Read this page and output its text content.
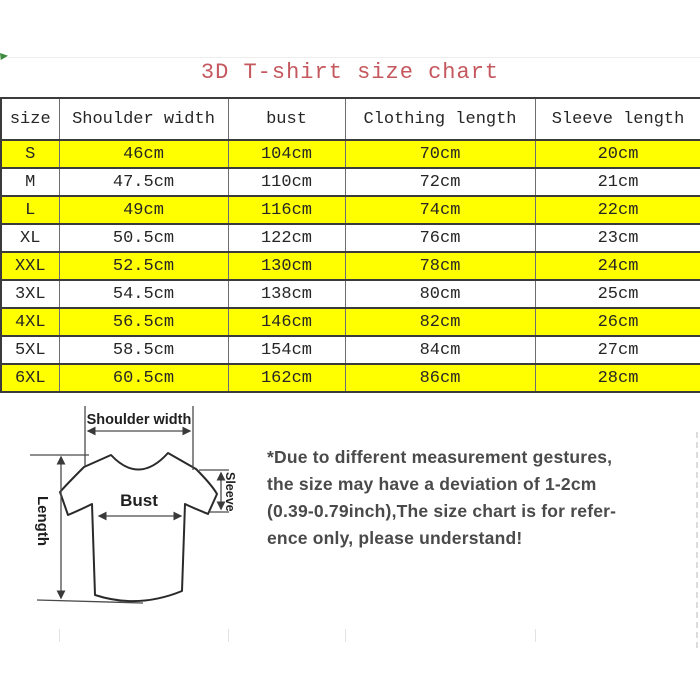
3D T-shirt size chart
size	Shoulder width	bust	Clothing length	Sleeve length
S	46cm	104cm	70cm	20cm
M	47.5cm	110cm	72cm	21cm
L	49cm	116cm	74cm	22cm
XL	50.5cm	122cm	76cm	23cm
XXL	52.5cm	130cm	78cm	24cm
3XL	54.5cm	138cm	80cm	25cm
4XL	56.5cm	146cm	82cm	26cm
5XL	58.5cm	154cm	84cm	27cm
6XL	60.5cm	162cm	86cm	28cm
Shoulder width
Length	Bust	Sleeve
*Due to different measurement gestures,
the size may have a deviation of 1-2cm
(0.39-0.79inch),The size chart is for refer-
ence only, please understand!
